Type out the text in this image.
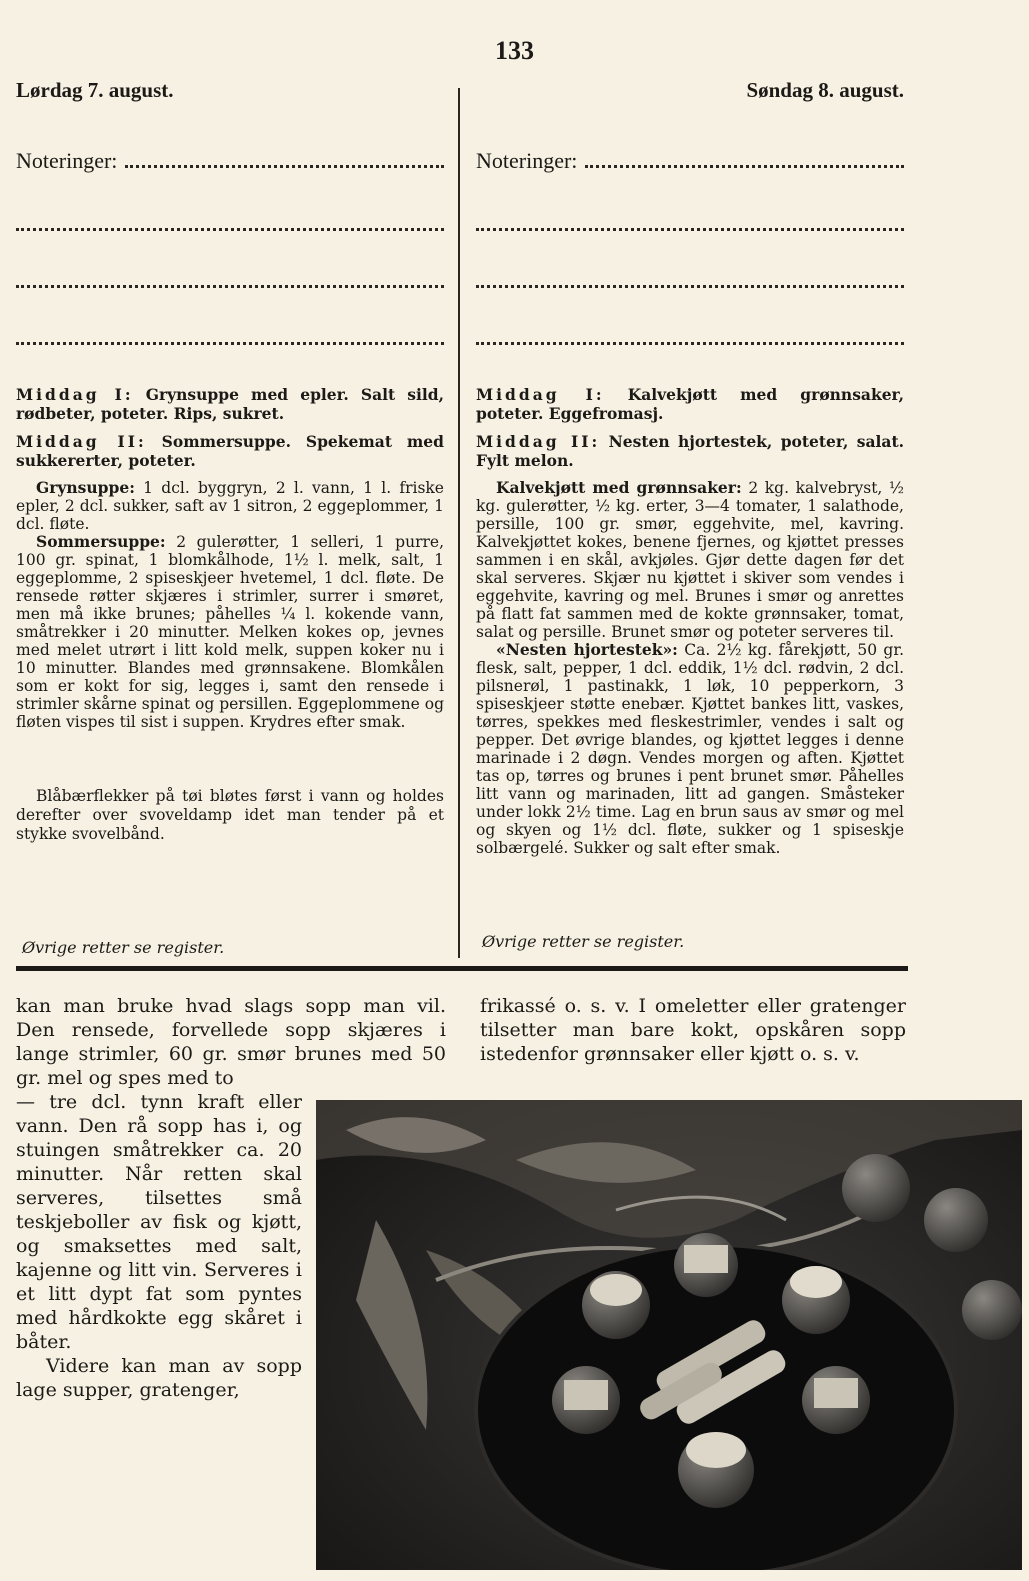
133
Lørdag 7. august.
Noteringer:

Middag I: Grynsuppe med epler. Salt sild, rødbeter, poteter. Rips, sukret.

Middag II: Sommersuppe. Spekemat med sukkererter, poteter.

Grynsuppe: 1 dcl. byggryn, 2 l. vann, 1 l. friske epler, 2 dcl. sukker, saft av 1 sitron, 2 eggeplommer, 1 dcl. fløte.

Sommersuppe: 2 gulerøtter, 1 selleri, 1 purre, 100 gr. spinat, 1 blomkålhode, 1½ l. melk, salt, 1 eggeplomme, 2 spiseskjeer hvetemel, 1 dcl. fløte. De rensede røtter skjæres i strimler, surrer i smøret, men må ikke brunes; påhelles ¼ l. kokende vann, småtrekker i 20 minutter. Melken kokes op, jevnes med melet utrørt i litt kold melk, suppen koker nu i 10 minutter. Blandes med grønnsakene. Blomkålen som er kokt for sig, legges i, samt den rensede i strimler skårne spinat og persillen. Eggeplommene og fløten vispes til sist i suppen. Krydres efter smak.

Blåbærflekker på tøi bløtes først i vann og holdes derefter over svoveldamp idet man tender på et stykke svovelbånd.
Øvrige retter se register.
Søndag 8. august.
Noteringer:

Middag I: Kalvekjøtt med grønnsaker, poteter. Eggefromasj.

Middag II: Nesten hjortestek, poteter, salat. Fylt melon.

Kalvekjøtt med grønnsaker: 2 kg. kalvebryst, ½ kg. gulerøtter, ½ kg. erter, 3—4 tomater, 1 salathode, persille, 100 gr. smør, eggehvite, mel, kavring. Kalvekjøttet kokes, benene fjernes, og kjøttet presses sammen i en skål, avkjøles. Gjør dette dagen før det skal serveres. Skjær nu kjøttet i skiver som vendes i eggehvite, kavring og mel. Brunes i smør og anrettes på flatt fat sammen med de kokte grønnsaker, tomat, salat og persille. Brunet smør og poteter serveres til.

«Nesten hjortestek»: Ca. 2½ kg. fårekjøtt, 50 gr. flesk, salt, pepper, 1 dcl. eddik, 1½ dcl. rødvin, 2 dcl. pilsnerøl, 1 pastinakk, 1 løk, 10 pepperkorn, 3 spiseskjeer støtte enebær. Kjøttet bankes litt, vaskes, tørres, spekkes med fleskestrimler, vendes i salt og pepper. Det øvrige blandes, og kjøttet legges i denne marinade i 2 døgn. Vendes morgen og aften. Kjøttet tas op, tørres og brunes i pent brunet smør. Påhelles litt vann og marinaden, litt ad gangen. Småsteker under lokk 2½ time. Lag en brun saus av smør og mel og skyen og 1½ dcl. fløte, sukker og 1 spiseskje solbærgelé. Sukker og salt efter smak.

Øvrige retter se register.

kan man bruke hvad slags sopp man vil. Den rensede, forvellede sopp skjæres i lange strimler, 60 gr. smør brunes med 50 gr. mel og spes med to

— tre dcl. tynn kraft eller vann. Den rå sopp has i, og stuingen småtrekker ca. 20 minutter. Når retten skal serveres, tilsettes små teskjeboller av fisk og kjøtt, og smaksettes med salt, kajenne og litt vin. Serveres i et litt dypt fat som pyntes med hårdkokte egg skåret i båter.

Videre kan man av sopp lage supper, gratenger,

frikassé o. s. v. I omeletter eller gratenger tilsetter man bare kokt, opskåren sopp istedenfor grønnsaker eller kjøtt o. s. v.
